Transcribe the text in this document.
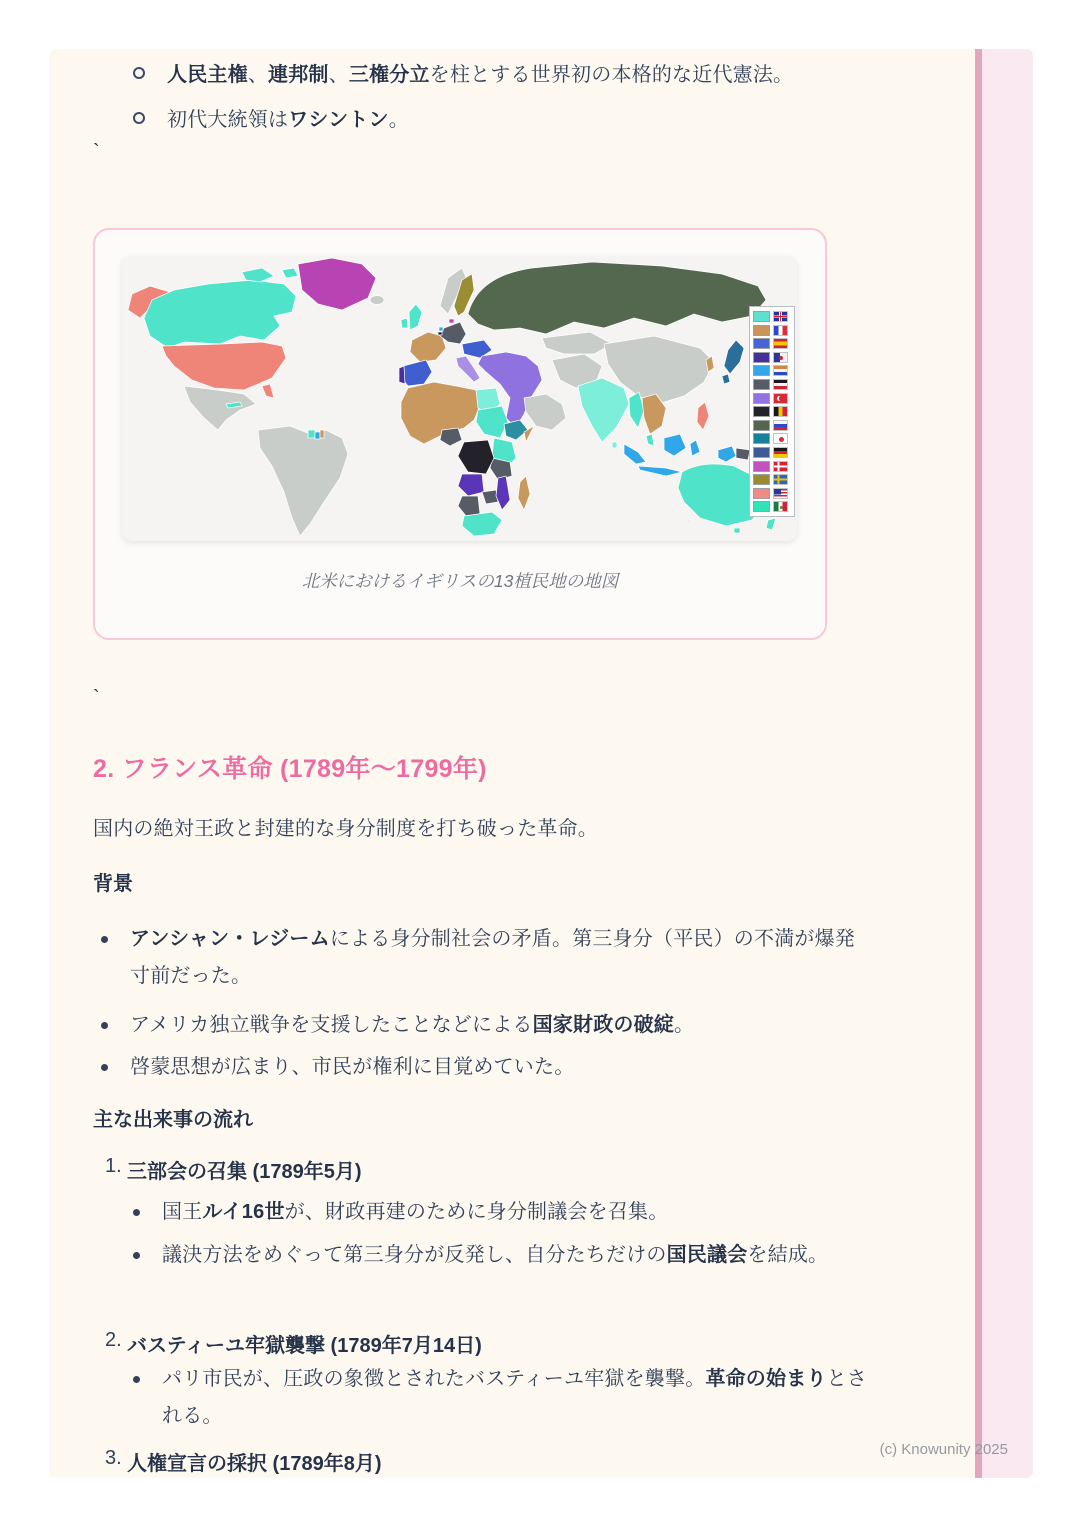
人民主権、連邦制、三権分立を柱とする世界初の本格的な近代憲法。

初代大統領はワシントン。

`
北米におけるイギリスの13植民地の地図
`
2. フランス革命 (1789年〜1799年)

国内の絶対王政と封建的な身分制度を打ち破った革命。

背景

アンシャン・レジームによる身分制社会の矛盾。第三身分（平民）の不満が爆発寸前だった。

アメリカ独立戦争を支援したことなどによる国家財政の破綻。

啓蒙思想が広まり、市民が権利に目覚めていた。

主な出来事の流れ

1. 三部会の召集 (1789年5月)

国王ルイ16世が、財政再建のために身分制議会を召集。

議決方法をめぐって第三身分が反発し、自分たちだけの国民議会を結成。

2. バスティーユ牢獄襲撃 (1789年7月14日)

パリ市民が、圧政の象徴とされたバスティーユ牢獄を襲撃。革命の始まりとされる。

3. 人権宣言の採択 (1789年8月)
(c) Knowunity 2025
